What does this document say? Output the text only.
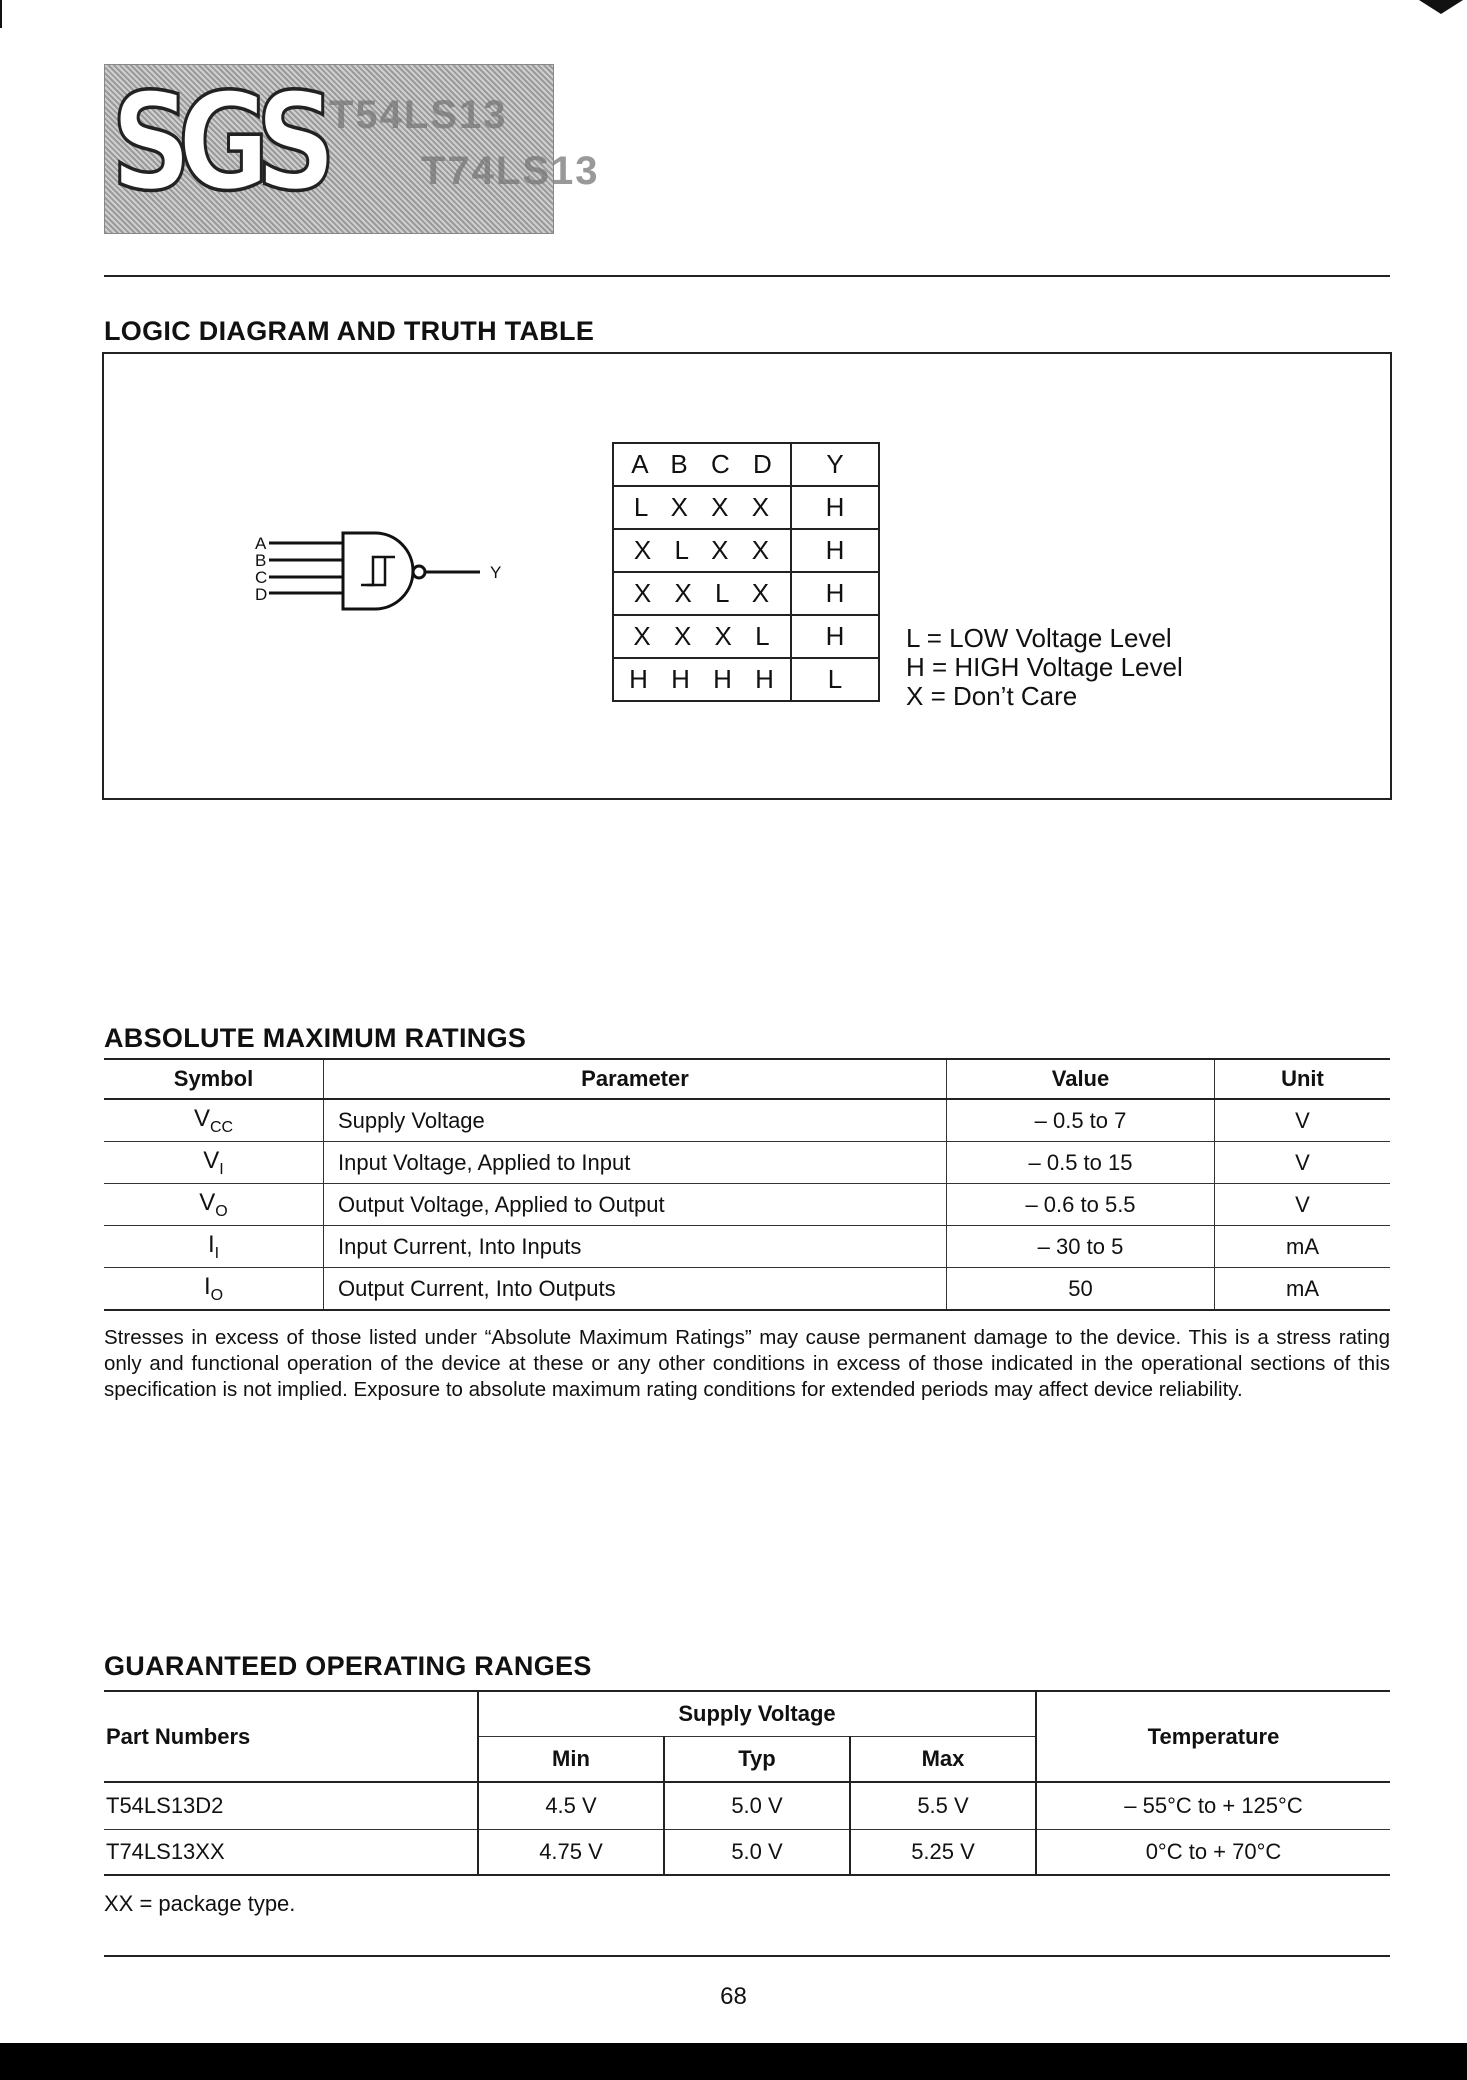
SGS T54LS13
T74LS13
LOGIC DIAGRAM AND TRUTH TABLE
A
B
C
D
Y
A B C D	Y
L X X X	H
X L X X	H
X X L X	H
X X X L	H
H H H H	L
L = LOW Voltage Level
H = HIGH Voltage Level
X = Don’t Care
ABSOLUTE MAXIMUM RATINGS
Symbol	Parameter	Value	Unit
$V_{CC}$	Supply Voltage	– 0.5 to 7	V
$V_I$	Input Voltage, Applied to Input	– 0.5 to 15	V
$V_O$	Output Voltage, Applied to Output	– 0.6 to 5.5	V
$I_I$	Input Current, Into Inputs	– 30 to 5	mA
$I_O$	Output Current, Into Outputs	50	mA
Stresses in excess of those listed under “Absolute Maximum Ratings” may cause permanent damage to the device. This is a stress rating only and functional operation of the device at these or any other conditions in excess of those indicated in the operational sections of this specification is not implied. Exposure to absolute maximum rating conditions for extended periods may affect device reliability.
GUARANTEED OPERATING RANGES
Part Numbers	Supply Voltage			Temperature
	Min	Typ	Max	
T54LS13D2	4.5 V	5.0 V	5.5 V	– 55°C to + 125°C
T74LS13XX	4.75 V	5.0 V	5.25 V	0°C to + 70°C
XX = package type.
68
